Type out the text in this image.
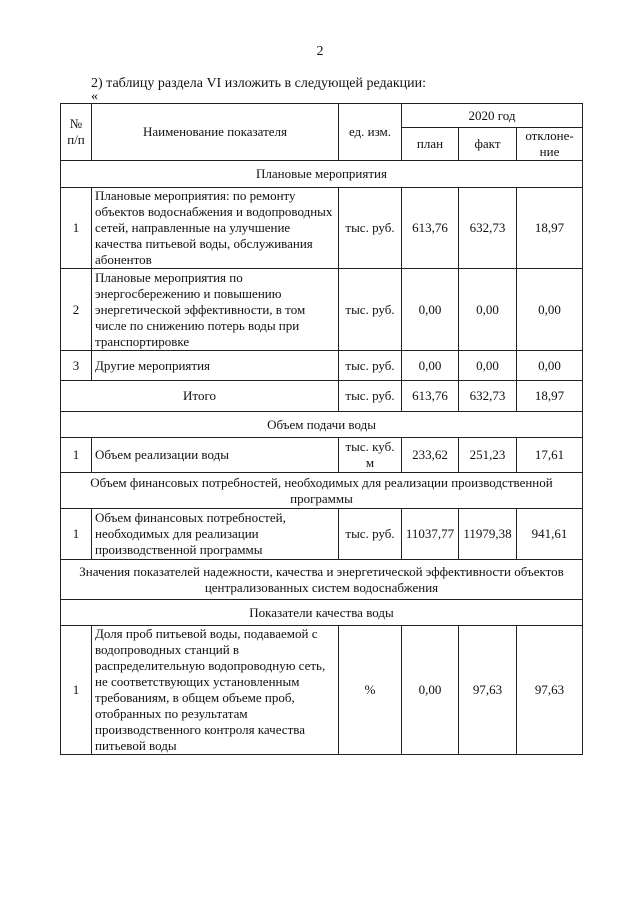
2
2) таблицу раздела VI изложить в следующей редакции:
«
№ п/п	Наименование показателя	ед. изм.	2020 год		
			план	факт	отклоне-ние
Плановые мероприятия					
1	Плановые мероприятия: по ремонту объектов водоснабжения и водопроводных сетей, направленные на улучшение качества питьевой воды, обслуживания абонентов	тыс. руб.	613,76	632,73	18,97
2	Плановые мероприятия по энергосбережению и повышению энергетической эффективности, в том числе по снижению потерь воды при транспортировке	тыс. руб.	0,00	0,00	0,00
3	Другие мероприятия	тыс. руб.	0,00	0,00	0,00
Итого		тыс. руб.	613,76	632,73	18,97
Объем подачи воды					
1	Объем реализации воды	тыс. куб. м	233,62	251,23	17,61
Объем финансовых потребностей, необходимых для реализации производственной программы					
1	Объем финансовых потребностей, необходимых для реализации производственной программы	тыс. руб.	11037,77	11979,38	941,61
Значения показателей надежности, качества и энергетической эффективности объектов централизованных систем водоснабжения					
Показатели качества воды					
1	Доля проб питьевой воды, подаваемой с водопроводных станций в распределительную водопроводную сеть, не соответствующих установленным требованиям, в общем объеме проб, отобранных по результатам производственного контроля качества питьевой воды	%	0,00	97,63	97,63
